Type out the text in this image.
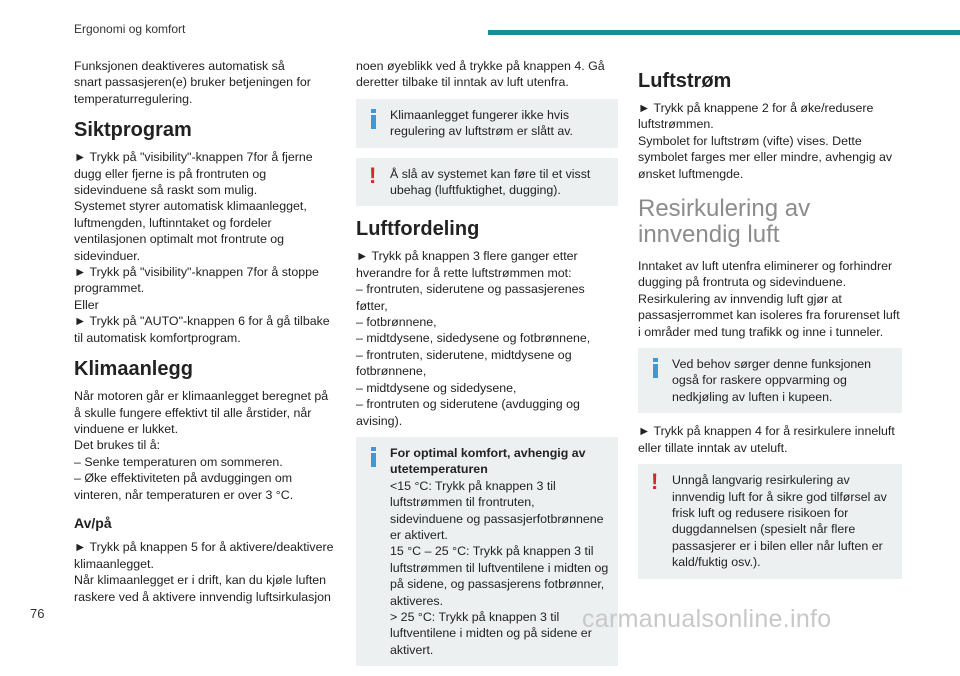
Ergonomi og komfort

Funksjonen deaktiveres automatisk så
snart passasjeren(e) bruker betjeningen for
temperaturregulering.

Siktprogram

► Trykk på "visibility"-knappen 7for å fjerne dugg eller fjerne is på frontruten og sidevinduene så raskt som mulig.
Systemet styrer automatisk klimaanlegget, luftmengden, luftinntaket og fordeler ventilasjonen optimalt mot frontrute og sidevinduer.
► Trykk på "visibility"-knappen 7for å stoppe programmet.
Eller
► Trykk på "AUTO"-knappen 6 for å gå tilbake til automatisk komfortprogram.

Klimaanlegg

Når motoren går er klimaanlegget beregnet på å skulle fungere effektivt til alle årstider, når vinduene er lukket.
Det brukes til å:
– Senke temperaturen om sommeren.
– Øke effektiviteten på avduggingen om vinteren, når temperaturen er over 3 °C.

Av/på

► Trykk på knappen 5 for å aktivere/deaktivere klimaanlegget.
Når klimaanlegget er i drift, kan du kjøle luften raskere ved å aktivere innvendig luftsirkulasjon

noen øyeblikk ved å trykke på knappen 4. Gå deretter tilbake til inntak av luft utenfra.

Klimaanlegget fungerer ikke hvis regulering av luftstrøm er slått av.

! Å slå av systemet kan føre til et visst ubehag (luftfuktighet, dugging).

Luftfordeling

► Trykk på knappen 3 flere ganger etter hverandre for å rette luftstrømmen mot:
– frontruten, siderutene og passasjerenes føtter,
– fotbrønnene,
– midtdysene, sidedysene og fotbrønnene,
– frontruten, siderutene, midtdysene og fotbrønnene,
– midtdysene og sidedysene,
– frontruten og siderutene (avdugging og avising).

For optimal komfort, avhengig av utetemperaturen

<15 °C: Trykk på knappen 3 til luftstrømmen til frontruten, sidevinduene og passasjerfotbrønnene er aktivert.
15 °C – 25 °C: Trykk på knappen 3 til luftstrømmen til luftventilene i midten og på sidene, og passasjerens fotbrønner, aktiveres.
> 25 °C: Trykk på knappen 3 til luftventilene i midten og på sidene er aktivert.

Luftstrøm

► Trykk på knappene 2 for å øke/redusere luftstrømmen.
Symbolet for luftstrøm (vifte) vises. Dette symbolet farges mer eller mindre, avhengig av ønsket luftmengde.

Resirkulering av
innvendig luft

Inntaket av luft utenfra eliminerer og forhindrer dugging på frontruta og sidevinduene. Resirkulering av innvendig luft gjør at passasjerrommet kan isoleres fra forurenset luft i områder med tung trafikk og inne i tunneler.

Ved behov sørger denne funksjonen også for raskere oppvarming og nedkjøling av luften i kupeen.

► Trykk på knappen 4 for å resirkulere inneluft eller tillate inntak av uteluft.

! Unngå langvarig resirkulering av innvendig luft for å sikre god tilførsel av frisk luft og redusere risikoen for duggdannelsen (spesielt når flere passasjerer er i bilen eller når luften er kald/fuktig osv.).

76	carmanualsonline.info
